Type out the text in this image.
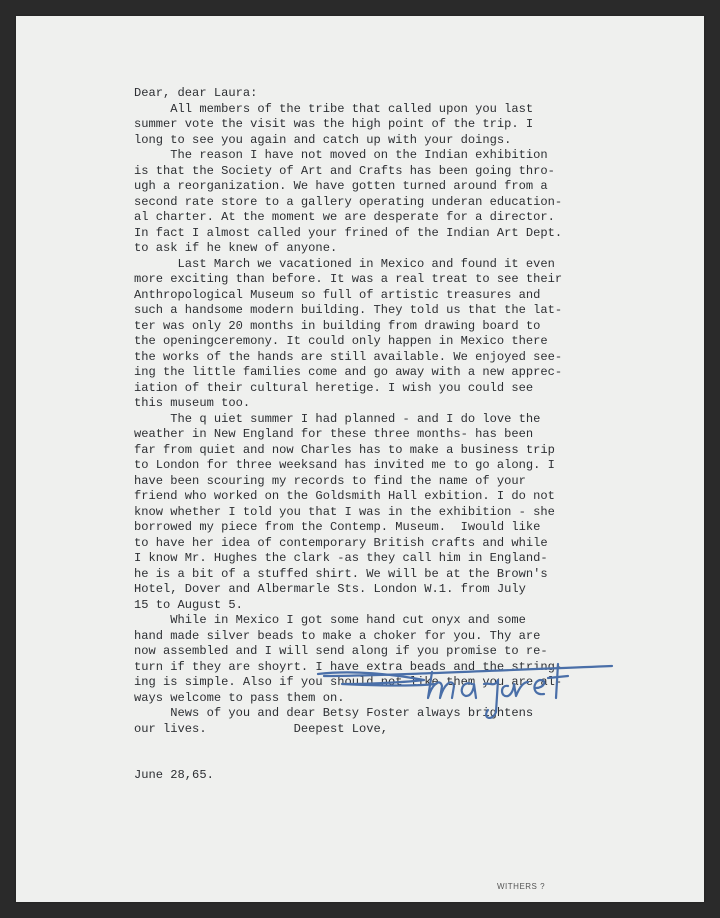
Dear, dear Laura:
All members of the tribe that called upon you last
summer vote the visit was the high point of the trip. I
long to see you again and catch up with your doings.
The reason I have not moved on the Indian exhibition
is that the Society of Art and Crafts has been going thro-
ugh a reorganization. We have gotten turned around from a
second rate store to a gallery operating underan education-
al charter. At the moment we are desperate for a director.
In fact I almost called your frined of the Indian Art Dept.
to ask if he knew of anyone.
Last March we vacationed in Mexico and found it even
more exciting than before. It was a real treat to see their
Anthropological Museum so full of artistic treasures and
such a handsome modern building. They told us that the lat-
ter was only 20 months in building from drawing board to
the openingceremony. It could only happen in Mexico there
the works of the hands are still available. We enjoyed see-
ing the little families come and go away with a new apprec-
iation of their cultural heretige. I wish you could see
this museum too.
The q uiet summer I had planned - and I do love the
weather in New England for these three months- has been
far from quiet and now Charles has to make a business trip
to London for three weeksand has invited me to go along. I
have been scouring my records to find the name of your
friend who worked on the Goldsmith Hall exbition. I do not
know whether I told you that I was in the exhibition - she
borrowed my piece from the Contemp. Museum.  Iwould like
to have her idea of contemporary British crafts and while
I know Mr. Hughes the clark -as they call him in England-
he is a bit of a stuffed shirt. We will be at the Brown's
Hotel, Dover and Albermarle Sts. London W.1. from July
15 to August 5.
While in Mexico I got some hand cut onyx and some
hand made silver beads to make a choker for you. Thy are
now assembled and I will send along if you promise to re-
turn if they are shoyrt. I have extra beads and the string-
ing is simple. Also if you should not like them you are al-
ways welcome to pass them on.
News of you and dear Betsy Foster always brightens
our lives.            Deepest Love,
June 28,65.
WITHERS ?
